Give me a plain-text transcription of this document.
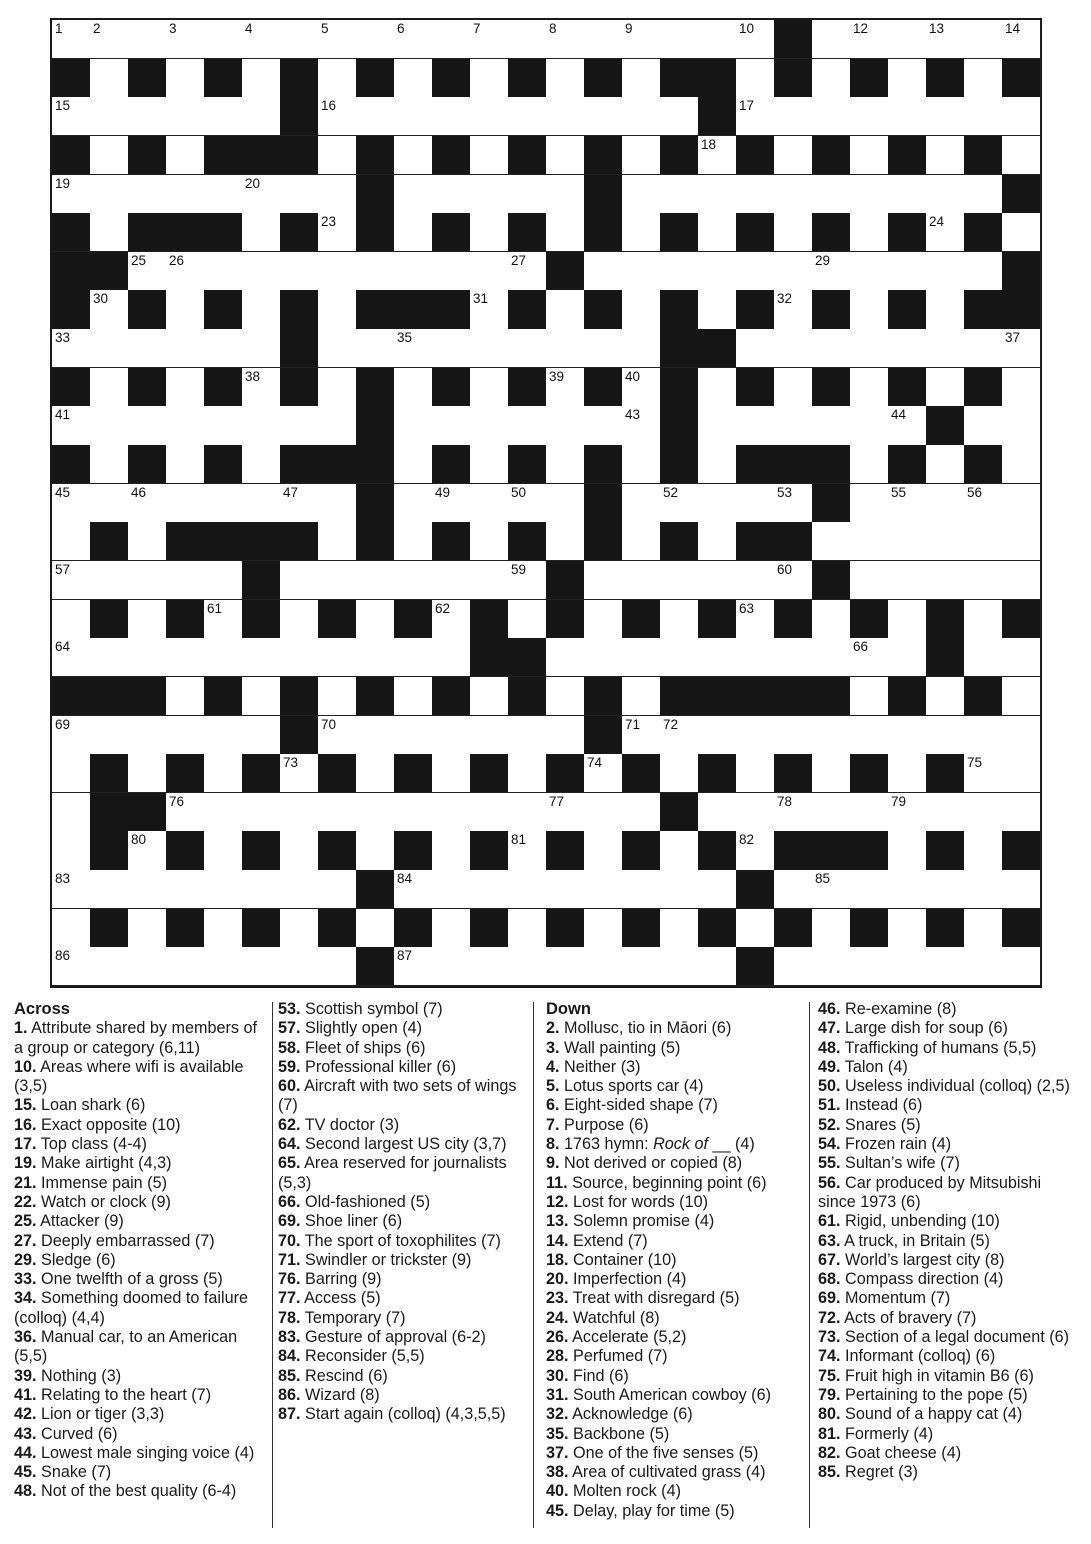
1 2	3	4	5	6	7	8	9	10	12	13	14
15	16	17
18
19	20
23	24
25 26	27	29
30	31	32
33	35	37
38	39	40
41	43	44
45	46	47	49	50	52	53	55	56
57	59	60
61	62	63
64	66
69	70	71 72
73	74	75
76	77	78	79
80	81	82
83	84	85
86	87
Across
1. Attribute shared by members of a group or category (6,11)
10. Areas where wifi is available (3,5)
15. Loan shark (6)
16. Exact opposite (10)
17. Top class (4-4)
19. Make airtight (4,3)
21. Immense pain (5)
22. Watch or clock (9)
25. Attacker (9)
27. Deeply embarrassed (7)
29. Sledge (6)
33. One twelfth of a gross (5)
34. Something doomed to failure (colloq) (4,4)
36. Manual car, to an American (5,5)
39. Nothing (3)
41. Relating to the heart (7)
42. Lion or tiger (3,3)
43. Curved (6)
44. Lowest male singing voice (4)
45. Snake (7)
48. Not of the best quality (6-4)
53. Scottish symbol (7)
57. Slightly open (4)
58. Fleet of ships (6)
59. Professional killer (6)
60. Aircraft with two sets of wings (7)
62. TV doctor (3)
64. Second largest US city (3,7)
65. Area reserved for journalists (5,3)
66. Old-fashioned (5)
69. Shoe liner (6)
70. The sport of toxophilites (7)
71. Swindler or trickster (9)
76. Barring (9)
77. Access (5)
78. Temporary (7)
83. Gesture of approval (6-2)
84. Reconsider (5,5)
85. Rescind (6)
86. Wizard (8)
87. Start again (colloq) (4,3,5,5)
Down
2. Mollusc, tio in Māori (6)
3. Wall painting (5)
4. Neither (3)
5. Lotus sports car (4)
6. Eight-sided shape (7)
7. Purpose (6)
8. 1763 hymn: Rock of __ (4)
9. Not derived or copied (8)
11. Source, beginning point (6)
12. Lost for words (10)
13. Solemn promise (4)
14. Extend (7)
18. Container (10)
20. Imperfection (4)
23. Treat with disregard (5)
24. Watchful (8)
26. Accelerate (5,2)
28. Perfumed (7)
30. Find (6)
31. South American cowboy (6)
32. Acknowledge (6)
35. Backbone (5)
37. One of the five senses (5)
38. Area of cultivated grass (4)
40. Molten rock (4)
45. Delay, play for time (5)
46. Re-examine (8)
47. Large dish for soup (6)
48. Trafficking of humans (5,5)
49. Talon (4)
50. Useless individual (colloq) (2,5)
51. Instead (6)
52. Snares (5)
54. Frozen rain (4)
55. Sultan’s wife (7)
56. Car produced by Mitsubishi since 1973 (6)
61. Rigid, unbending (10)
63. A truck, in Britain (5)
67. World’s largest city (8)
68. Compass direction (4)
69. Momentum (7)
72. Acts of bravery (7)
73. Section of a legal document (6)
74. Informant (colloq) (6)
75. Fruit high in vitamin B6 (6)
79. Pertaining to the pope (5)
80. Sound of a happy cat (4)
81. Formerly (4)
82. Goat cheese (4)
85. Regret (3)
